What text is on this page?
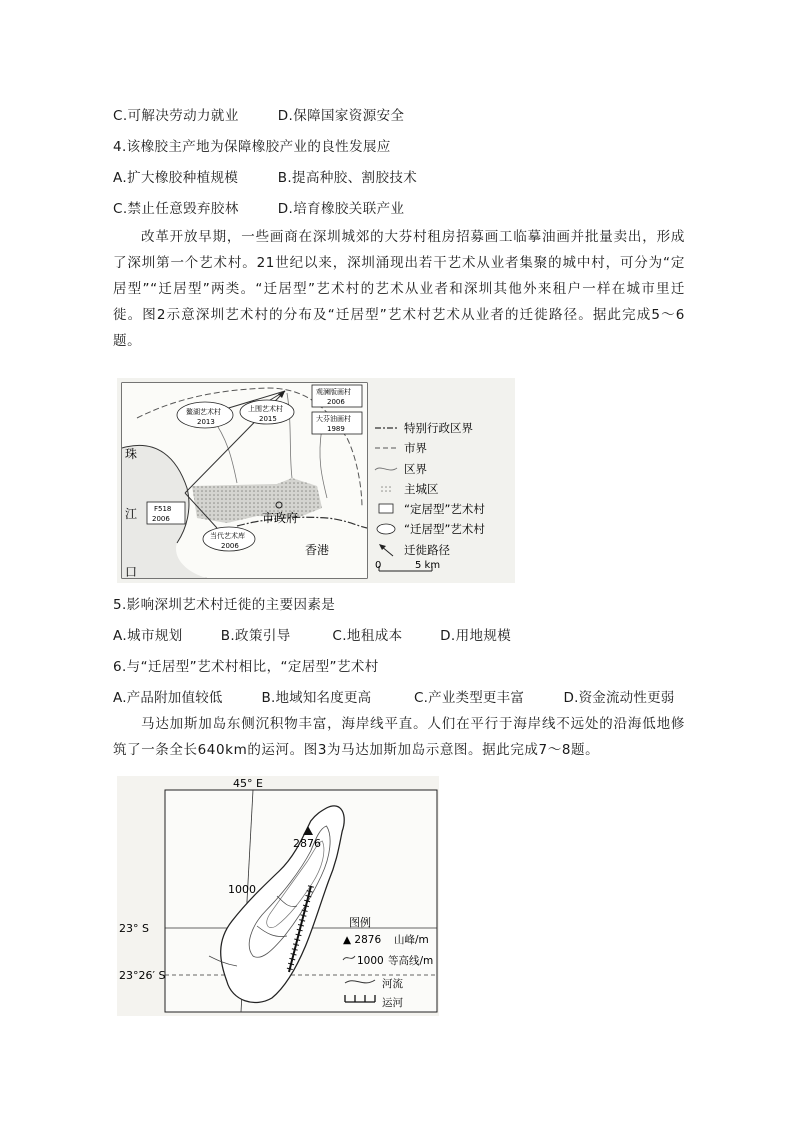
C.可解决劳动力就业	D.保障国家资源安全
4.该橡胶主产地为保障橡胶产业的良性发展应
A.扩大橡胶种植规模	B.提高种胶、割胶技术
C.禁止任意毁弃胶林	D.培育橡胶关联产业
改革开放早期，一些画商在深圳城郊的大芬村租房招募画工临摹油画并批量卖出，形成了深圳第一个艺术村。21世纪以来，深圳涌现出若干艺术从业者集聚的城中村，可分为“定居型”“迁居型”两类。“迁居型”艺术村的艺术从业者和深圳其他外来租户一样在城市里迁徙。图2示意深圳艺术村的分布及“迁居型”艺术村艺术从业者的迁徙路径。据此完成5～6题。
市政府
香港
珠
江
口
观澜版画村
2006
上围艺术村
2015
鳌湖艺术村
2013	大芬油画村
1989
F518
2006
当代艺术库
2006
特别行政区界
市界
区界
主城区
“定居型”艺术村
“迁居型”艺术村
迁徙路径
0	5 km
5.影响深圳艺术村迁徙的主要因素是
A.城市规划	B.政策引导	C.地租成本	D.用地规模
6.与“迁居型”艺术村相比，“定居型”艺术村
A.产品附加值较低	B.地域知名度更高	C.产业类型更丰富	D.资金流动性更弱
马达加斯加岛东侧沉积物丰富，海岸线平直。人们在平行于海岸线不远处的沿海低地修筑了一条全长640km的运河。图3为马达加斯加岛示意图。据此完成7～8题。
45° E
23° S
23°26′ S
2876
1000
图例
▲ 2876 山峰/m
1000 等高线/m
河流
运河
